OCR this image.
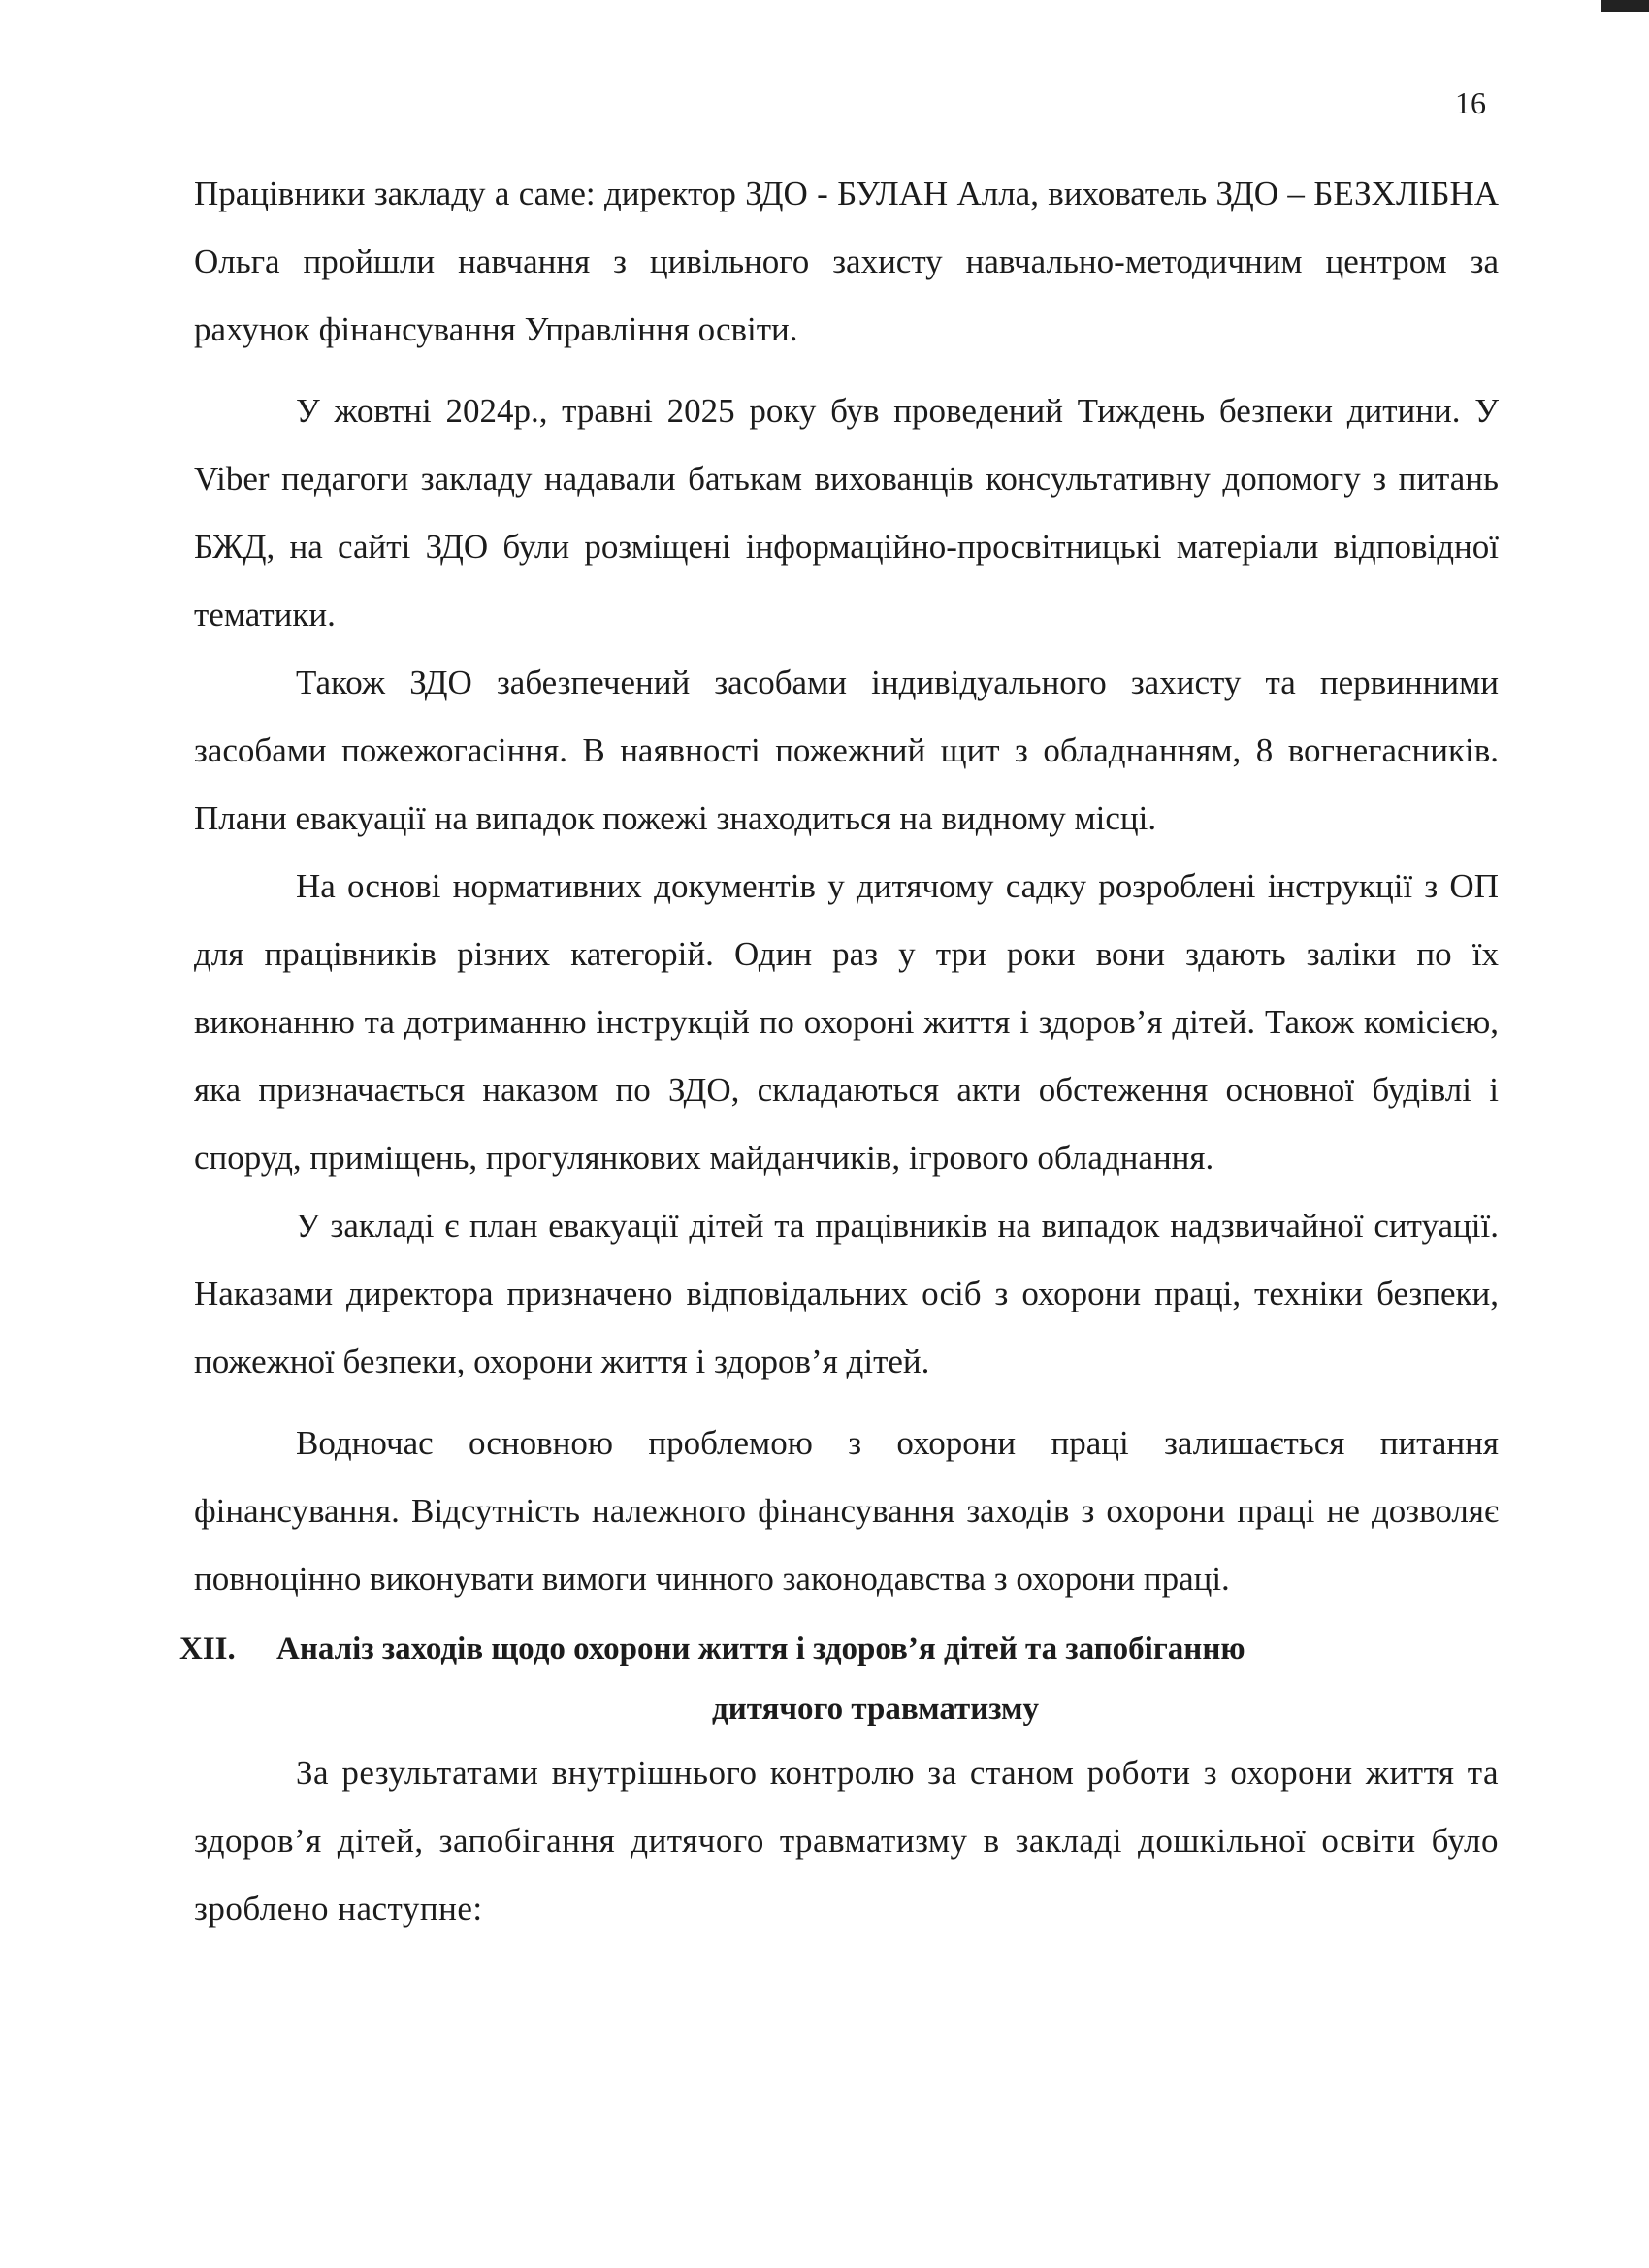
16

Працівники закладу а саме: директор ЗДО - БУЛАН Алла, вихователь ЗДО – БЕЗХЛІБНА Ольга пройшли навчання з цивільного захисту навчально-методичним центром за рахунок фінансування Управління освіти.

У жовтні 2024р., травні 2025 року був проведений Тиждень безпеки дитини. У Viber педагоги закладу надавали батькам вихованців консультативну допомогу з питань БЖД, на сайті ЗДО були розміщені інформаційно-просвітницькі матеріали відповідної тематики.

Також ЗДО забезпечений засобами індивідуального захисту та первинними засобами пожежогасіння. В наявності пожежний щит з обладнанням, 8 вогнегасників. Плани евакуації на випадок пожежі знаходиться на видному місці.

На основі нормативних документів у дитячому садку розроблені інструкції з ОП для працівників різних категорій. Один раз у три роки вони здають заліки по їх виконанню та дотриманню інструкцій по охороні життя і здоров’я дітей. Також комісією, яка призначається наказом по ЗДО, складаються акти обстеження основної будівлі і споруд, приміщень, прогулянкових майданчиків, ігрового обладнання.

У закладі є план евакуації дітей та працівників на випадок надзвичайної ситуації. Наказами директора призначено відповідальних осіб з охорони праці, техніки безпеки, пожежної безпеки, охорони життя і здоров’я дітей.

Водночас основною проблемою з охорони праці залишається питання фінансування. Відсутність належного фінансування заходів з охорони праці не дозволяє повноцінно виконувати вимоги чинного законодавства з охорони праці.

XII. Аналіз заходів щодо охорони життя і здоров’я дітей та запобіганню
дитячого травматизму

За результатами внутрішнього контролю за станом роботи з охорони життя та здоров’я дітей, запобігання дитячого травматизму в закладі дошкільної освіти було зроблено наступне:
